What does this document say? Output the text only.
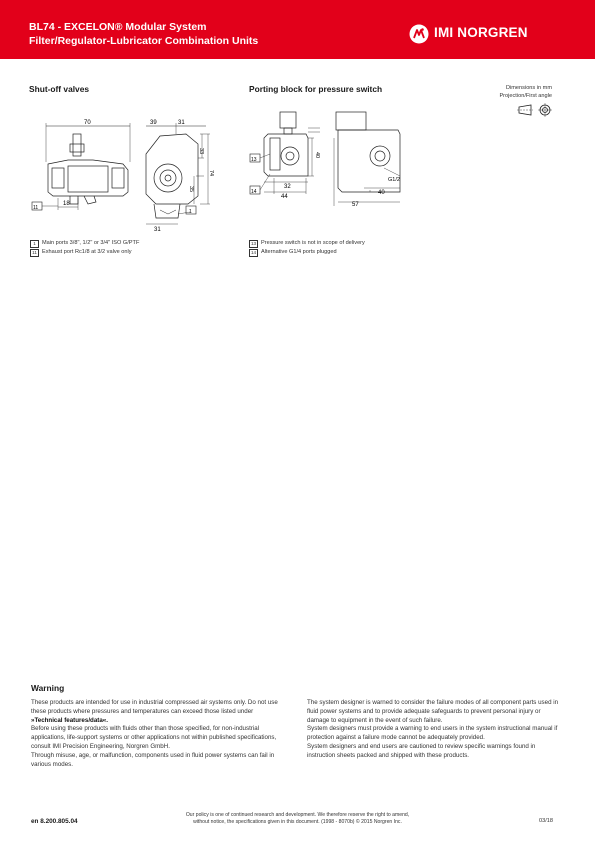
BL74 - EXCELON® Modular System
Filter/Regulator-Lubricator Combination Units
IMI NORGREN
Shut-off valves	Porting block for pressure switch	Dimensions in mm
Projection/First angle
70	39	31
33
74
35
18
31
11
1
32
44
40
57
40
G1/2
13
14
1	Main ports 3/8", 1/2" or 3/4" ISO G/PTF
11 Exhaust port Rc1/8 at 3/2 valve only
13 Pressure switch is not in scope of delivery
14 Alternative G1/4 ports plugged
Warning

These products are intended for use in industrial compressed air systems only. Do not use these products where pressures and temperatures can exceed those listed under

»Technical features/data«.

Before using these products with fluids other than those specified, for non-industrial applications, life-support systems or other applications not within published specifications, consult IMI Precision Engineering, Norgren GmbH.

Through misuse, age, or malfunction, components used in fluid power systems can fail in various modes.

The system designer is warned to consider the failure modes of all component parts used in fluid power systems and to provide adequate safeguards to prevent personal injury or damage to equipment in the event of such failure.

System designers must provide a warning to end users in the system instructional manual if protection against a failure mode cannot be adequately provided.

System designers and end users are cautioned to review specific warnings found in instruction sheets packed and shipped with these products.

en 8.200.805.04
Our policy is one of continued research and development. We therefore reserve the right to amend,
without notice, the specifications given in this document. (1998 - 8070b) © 2015 Norgren Inc.	03/18
